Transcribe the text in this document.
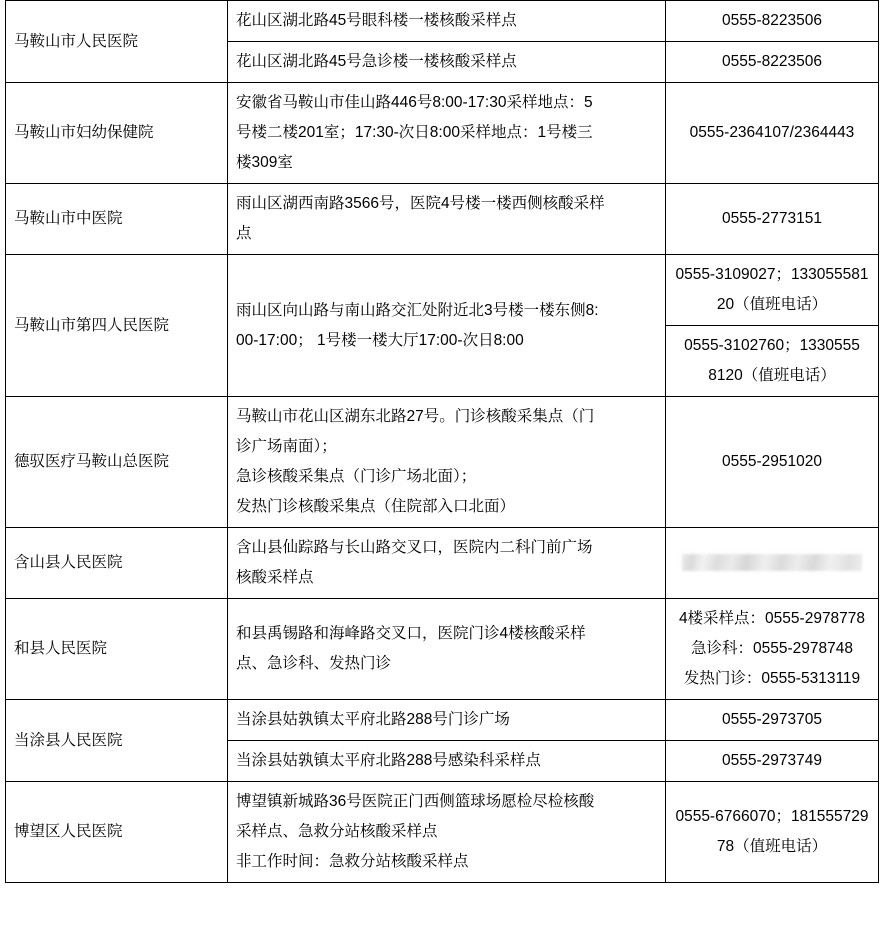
马鞍山市人民医院	花山区湖北路45号眼科楼一楼核酸采样点	0555-8223506

	花山区湖北路45号急诊楼一楼核酸采样点	0555-8223506

马鞍山市妇幼保健院	安徽省马鞍山市佳山路446号8:00-17:30采样地点：5
号楼二楼201室；17:30-次日8:00采样地点：1号楼三
楼309室	0555-2364107/2364443

马鞍山市中医院	雨山区湖西南路3566号，医院4号楼一楼西侧核酸采样
点	0555-2773151

马鞍山市第四人民医院	雨山区向山路与南山路交汇处附近北3号楼一楼东侧8:
00-17:00； 1号楼一楼大厅17:00-次日8:00	0555-3109027；133055581
20（值班电话）

		0555-3102760；1330555
8120（值班电话）

德驭医疗马鞍山总医院	马鞍山市花山区湖东北路27号。门诊核酸采集点（门
诊广场南面）；
急诊核酸采集点（门诊广场北面）；
发热门诊核酸采集点（住院部入口北面）	0555-2951020

含山县人民医院	含山县仙踪路与长山路交叉口，医院内二科门前广场
核酸采样点	

和县人民医院	和县禹锡路和海峰路交叉口，医院门诊4楼核酸采样
点、急诊科、发热门诊	4楼采样点：0555-2978778
急诊科：0555-2978748
发热门诊：0555-5313119

当涂县人民医院	当涂县姑孰镇太平府北路288号门诊广场	0555-2973705

	当涂县姑孰镇太平府北路288号感染科采样点	0555-2973749

博望区人民医院	博望镇新城路36号医院正门西侧篮球场愿检尽检核酸
采样点、急救分站核酸采样点
非工作时间：急救分站核酸采样点	0555-6766070；181555729
78（值班电话）
